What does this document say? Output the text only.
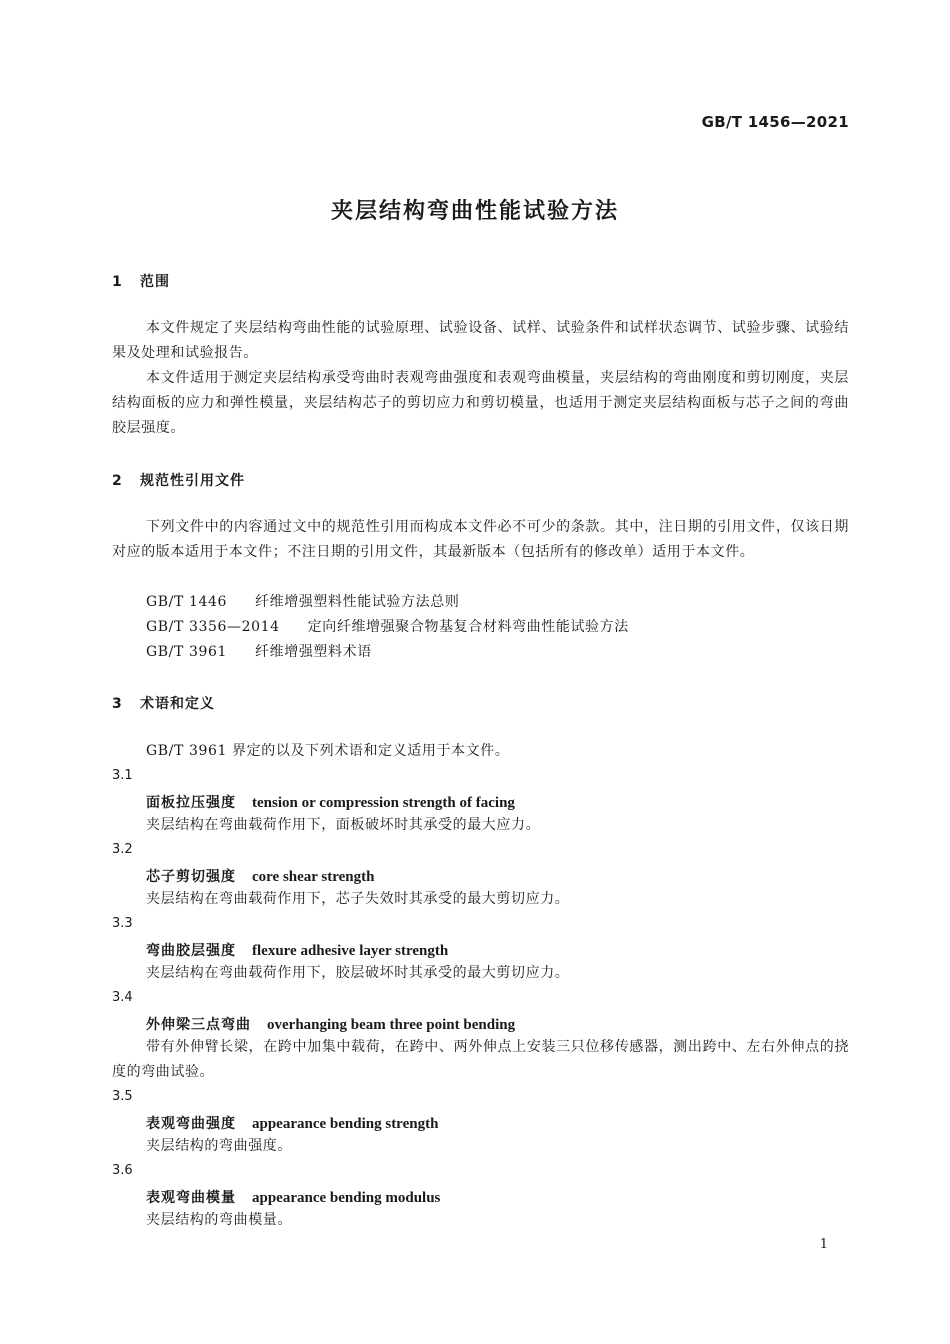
GB/T 1456—2021
夹层结构弯曲性能试验方法
1 范围
本文件规定了夹层结构弯曲性能的试验原理、试验设备、试样、试验条件和试样状态调节、试验步骤、试验结果及处理和试验报告。
本文件适用于测定夹层结构承受弯曲时表观弯曲强度和表观弯曲模量，夹层结构的弯曲刚度和剪切刚度，夹层结构面板的应力和弹性模量，夹层结构芯子的剪切应力和剪切模量，也适用于测定夹层结构面板与芯子之间的弯曲胶层强度。
2 规范性引用文件
下列文件中的内容通过文中的规范性引用而构成本文件必不可少的条款。其中，注日期的引用文件，仅该日期对应的版本适用于本文件；不注日期的引用文件，其最新版本（包括所有的修改单）适用于本文件。
GB/T 1446 纤维增强塑料性能试验方法总则
GB/T 3356—2014 定向纤维增强聚合物基复合材料弯曲性能试验方法
GB/T 3961 纤维增强塑料术语
3 术语和定义
GB/T 3961 界定的以及下列术语和定义适用于本文件。
3.1
面板拉压强度 tension or compression strength of facing
夹层结构在弯曲载荷作用下，面板破坏时其承受的最大应力。
3.2
芯子剪切强度 core shear strength
夹层结构在弯曲载荷作用下，芯子失效时其承受的最大剪切应力。
3.3
弯曲胶层强度 flexure adhesive layer strength
夹层结构在弯曲载荷作用下，胶层破坏时其承受的最大剪切应力。
3.4
外伸梁三点弯曲 overhanging beam three point bending
带有外伸臂长梁，在跨中加集中载荷，在跨中、两外伸点上安装三只位移传感器，测出跨中、左右外伸点的挠度的弯曲试验。
3.5
表观弯曲强度 appearance bending strength
夹层结构的弯曲强度。
3.6
表观弯曲模量 appearance bending modulus
夹层结构的弯曲模量。
1
